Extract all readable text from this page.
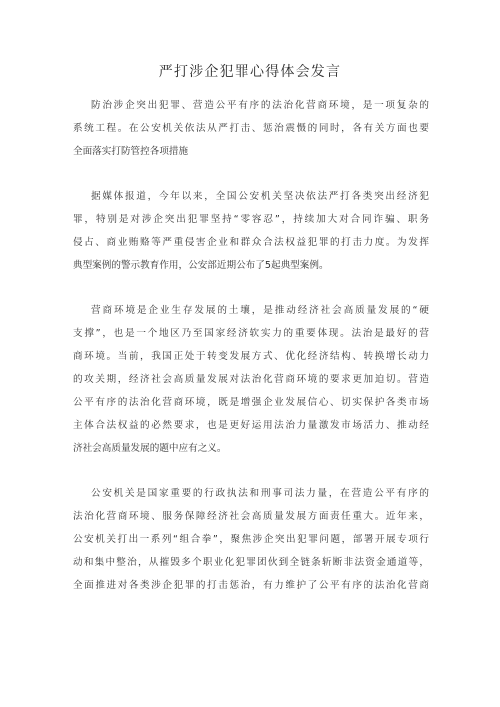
严打涉企犯罪心得体会发言
防治涉企突出犯罪、营造公平有序的法治化营商环境，是一项复杂的
系统工程。在公安机关依法从严打击、惩治震慑的同时，各有关方面也要
全面落实打防管控各项措施
据媒体报道，今年以来，全国公安机关坚决依法严打各类突出经济犯
罪，特别是对涉企突出犯罪坚持“零容忍”，持续加大对合同诈骗、职务
侵占、商业贿赂等严重侵害企业和群众合法权益犯罪的打击力度。为发挥
典型案例的警示教育作用，公安部近期公布了5起典型案例。
营商环境是企业生存发展的土壤，是推动经济社会高质量发展的“硬
支撑”，也是一个地区乃至国家经济软实力的重要体现。法治是最好的营
商环境。当前，我国正处于转变发展方式、优化经济结构、转换增长动力
的攻关期，经济社会高质量发展对法治化营商环境的要求更加迫切。营造
公平有序的法治化营商环境，既是增强企业发展信心、切实保护各类市场
主体合法权益的必然要求，也是更好运用法治力量激发市场活力、推动经
济社会高质量发展的题中应有之义。
公安机关是国家重要的行政执法和刑事司法力量，在营造公平有序的
法治化营商环境、服务保障经济社会高质量发展方面责任重大。近年来，
公安机关打出一系列“组合拳”，聚焦涉企突出犯罪问题，部署开展专项行
动和集中整治，从摧毁多个职业化犯罪团伙到全链条斩断非法资金通道等，
全面推进对各类涉企犯罪的打击惩治，有力维护了公平有序的法治化营商
